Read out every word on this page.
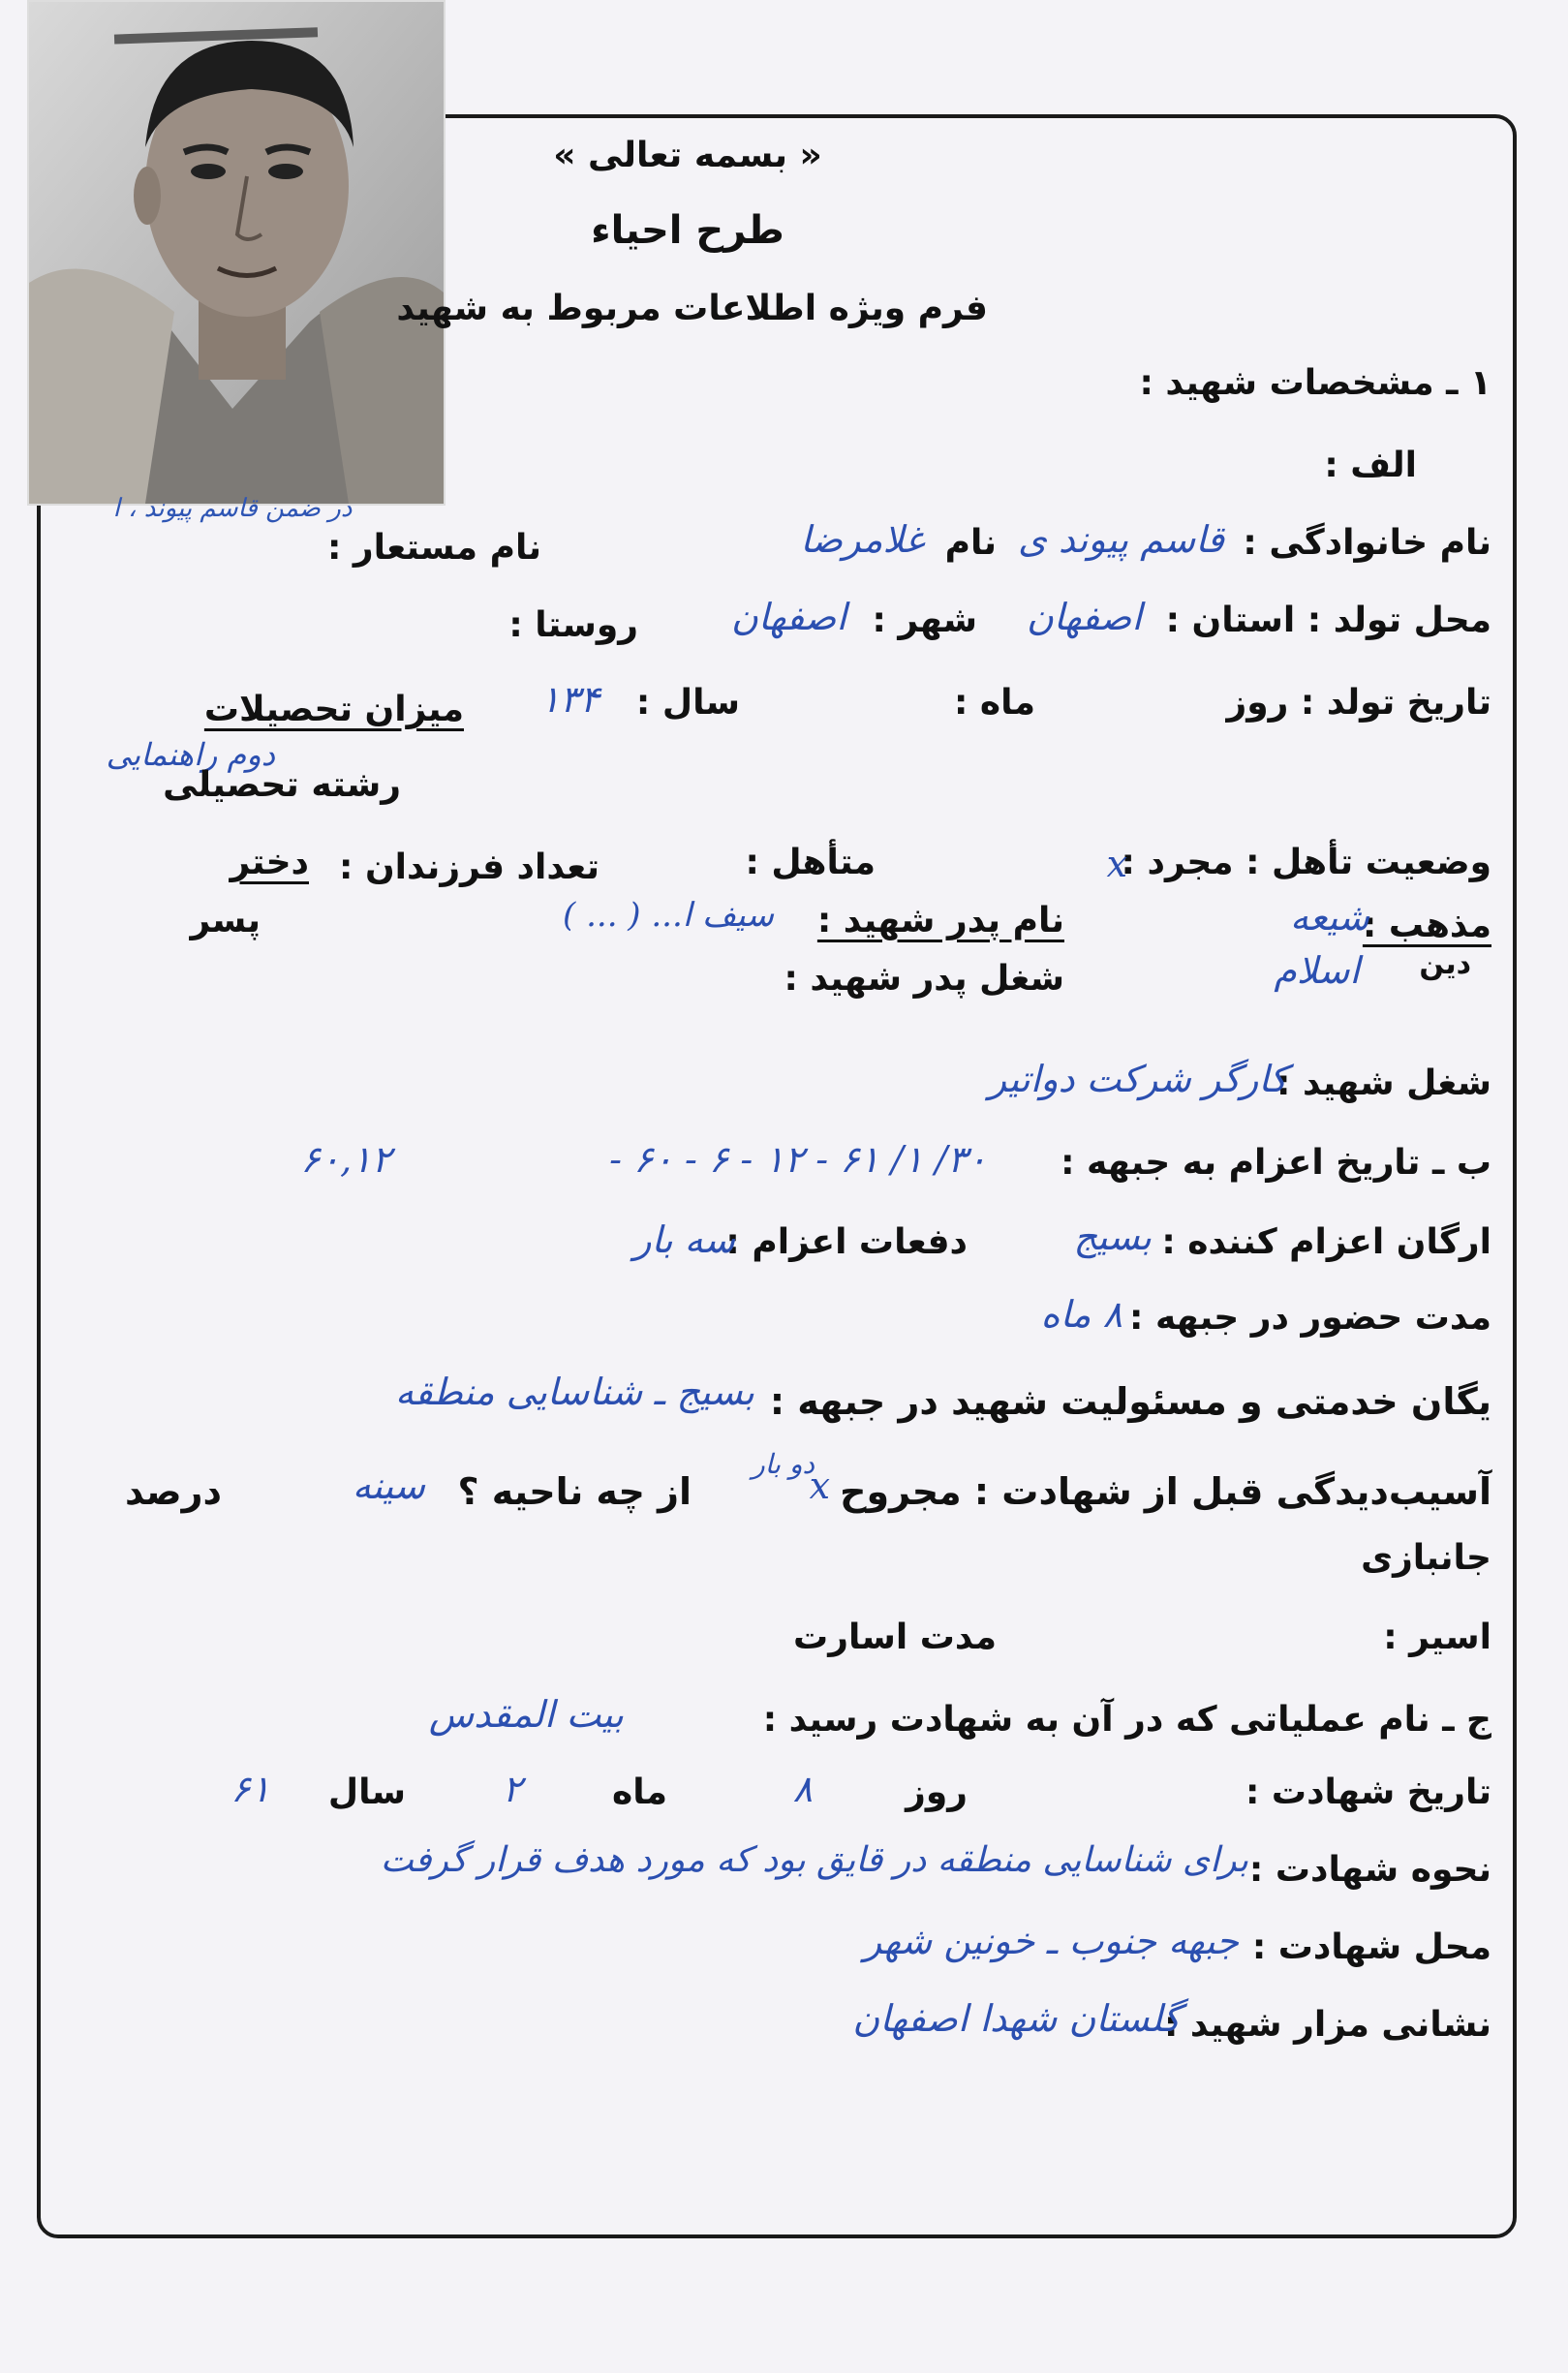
در ضمن قاسم پیوند ، ا
« بسمه تعالی »
طرح احیاء
فرم ویژه اطلاعات مربوط به شهید
۱ ـ مشخصات شهید :
الف :
نام خانوادگی :
قاسم پیوند ی
نام
غلامرضا
نام مستعار :
محل تولد : استان :
اصفهان
شهر :
اصفهان
روستا :
تاریخ تولد : روز
ماه :
سال :
۱۳۴
میزان تحصیلات
دوم راهنمایی
رشته تحصیلی
وضعیت تأهل : مجرد :
x
متأهل :
تعداد فرزندان :
دختر
پسر	مذهب :
شیعه
دین
اسلام
نام پدر شهید :
سیف ا... ( ... )
شغل پدر شهید :
شغل شهید :
کارگر شرکت دواتیر
ب ـ تاریخ اعزام به جبهه :
۳۰/ ۱/ ۶۱ - ۱۲ - ۶ - ۶۰ -
۶۰,۱۲
ارگان اعزام کننده :
بسیج
دفعات اعزام :
سه بار
مدت حضور در جبهه :
۸ ماه
یگان خدمتی و مسئولیت شهید در جبهه :
بسیج ـ شناسایی منطقه
آسیب‌دیدگی قبل از شهادت : مجروح
x
دو بار
از چه ناحیه ؟
سینه
درصد
جانبازی
اسیر :
مدت اسارت
ج ـ نام عملیاتی که در آن به شهادت رسید :
بیت المقدس
تاریخ شهادت :
روز
۸
ماه
۲
سال
۶۱
نحوه شهادت :
برای شناسایی منطقه در قایق بود که مورد هدف قرار گرفت
محل شهادت :
جبهه جنوب ـ خونین شهر
نشانی مزار شهید :
گلستان شهدا اصفهان
